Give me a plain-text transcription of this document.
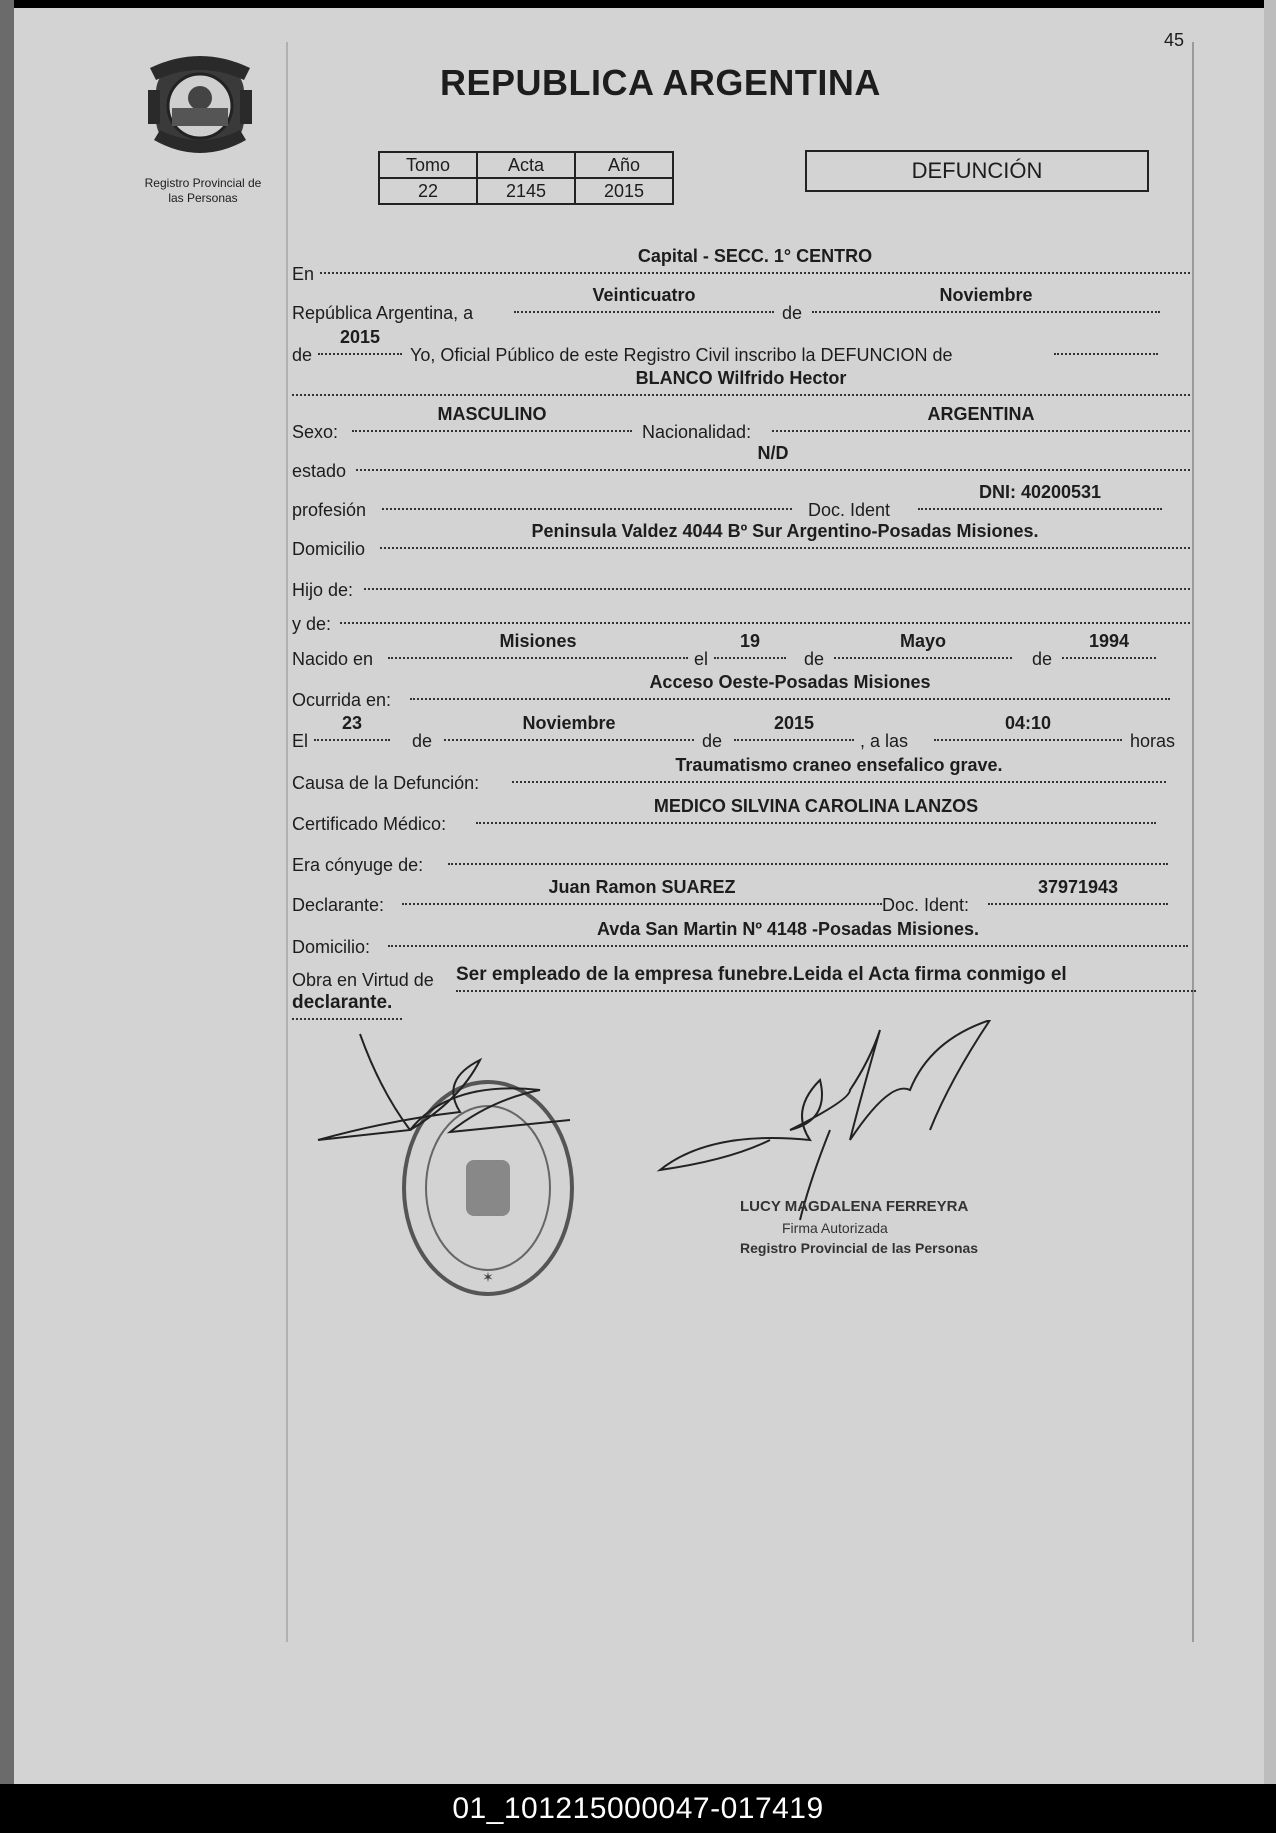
45
Registro Provincial de
las Personas
REPUBLICA ARGENTINA
Tomo	Acta	Año
22	2145	2015
DEFUNCIÓN
En
Capital - SECC. 1° CENTRO
República Argentina, a
Veinticuatro
de
Noviembre
de
2015
Yo, Oficial Público de este Registro Civil inscribo la DEFUNCION de
BLANCO Wilfrido Hector
Sexo:
MASCULINO
Nacionalidad:
ARGENTINA
estado
N/D
profesión	Doc. Ident
DNI: 40200531
Domicilio
Peninsula Valdez 4044 Bº Sur Argentino-Posadas Misiones.
Hijo de:
y de:
Nacido en
Misiones
el
19
de
Mayo
de
1994
Ocurrida en:
Acceso Oeste-Posadas Misiones
El
23
de
Noviembre
de
2015
, a las
04:10
horas
Causa de la Defunción:
Traumatismo craneo ensefalico grave.
Certificado Médico:
MEDICO SILVINA CAROLINA LANZOS
Era cónyuge de:
Declarante:
Juan Ramon SUAREZ
Doc. Ident:
37971943
Domicilio:
Avda San Martin Nº 4148 -Posadas Misiones.
Obra en Virtud de Ser empleado de la empresa funebre.Leida el Acta firma conmigo el
declarante.
✶
LUCY MAGDALENA FERREYRA
Firma Autorizada
Registro Provincial de las Personas
01_101215000047-017419
